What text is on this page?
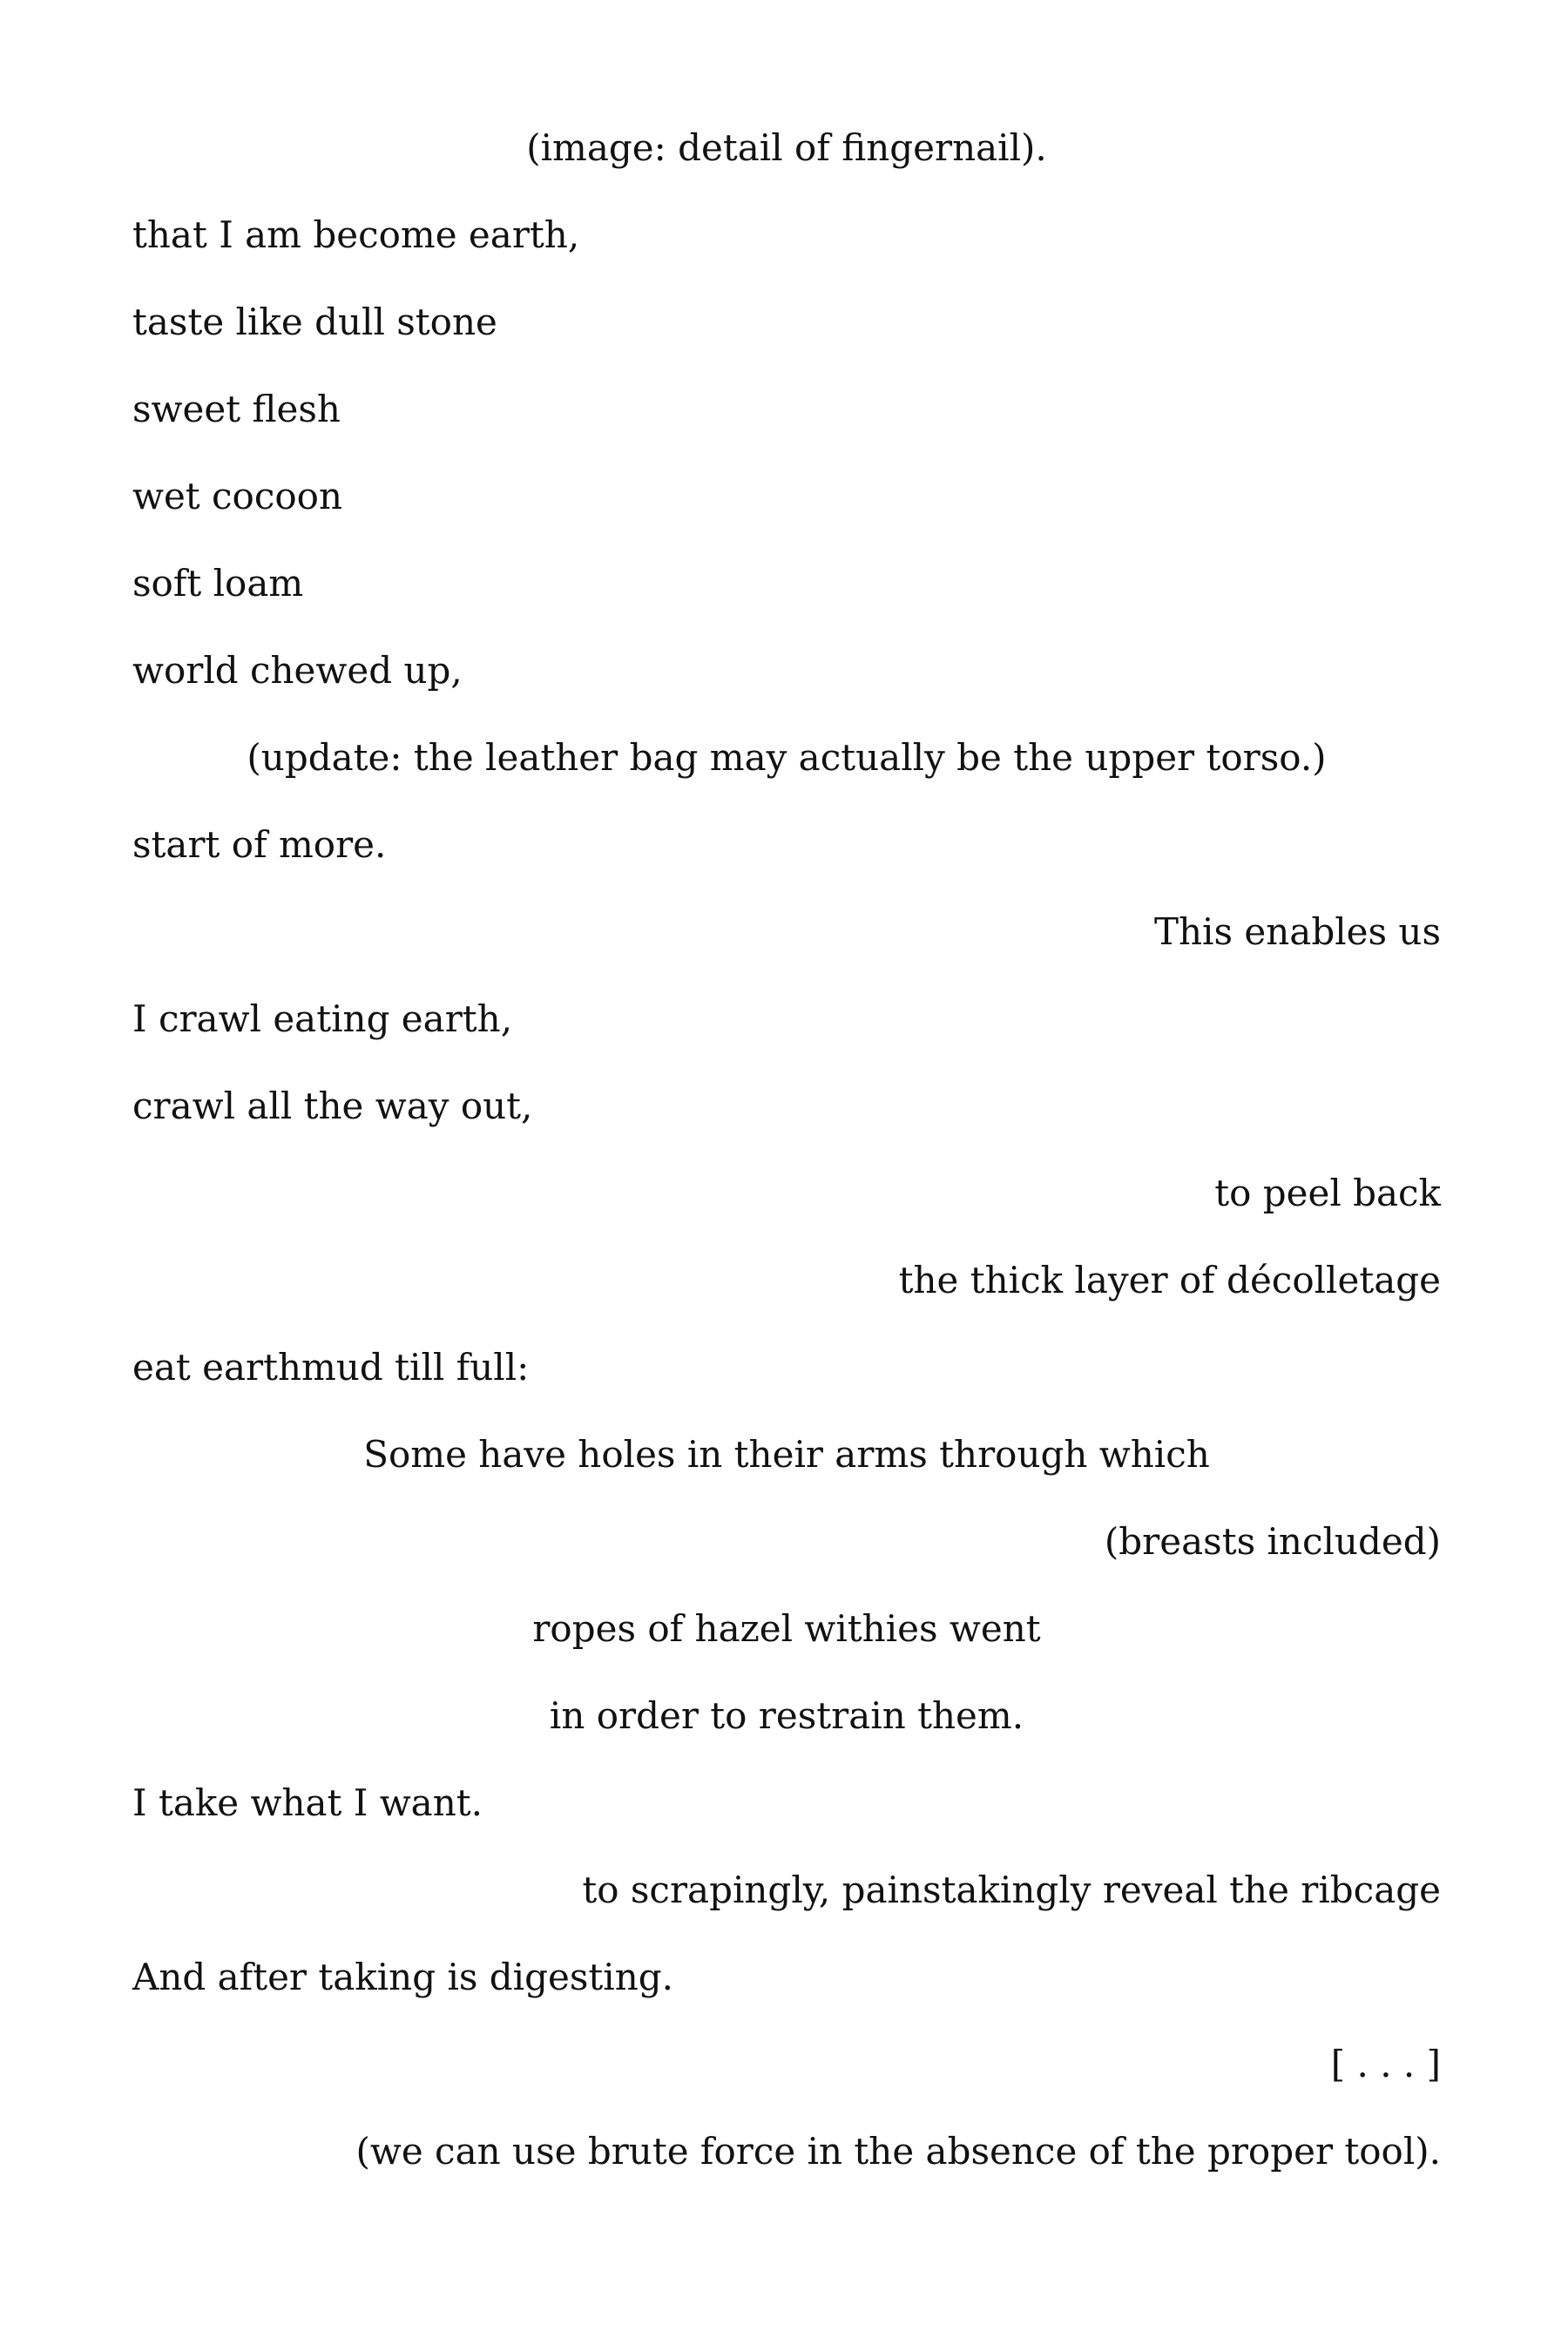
(image: detail of fingernail).

that I am become earth,

taste like dull stone

sweet flesh

wet cocoon

soft loam

world chewed up,

(update: the leather bag may actually be the upper torso.)

start of more.

This enables us

I crawl eating earth,

crawl all the way out,

to peel back

the thick layer of décolletage

eat earthmud till full:

Some have holes in their arms through which

(breasts included)

ropes of hazel withies went

in order to restrain them.

I take what I want.

to scrapingly, painstakingly reveal the ribcage

And after taking is digesting.

[ . . . ]

(we can use brute force in the absence of the proper tool).
